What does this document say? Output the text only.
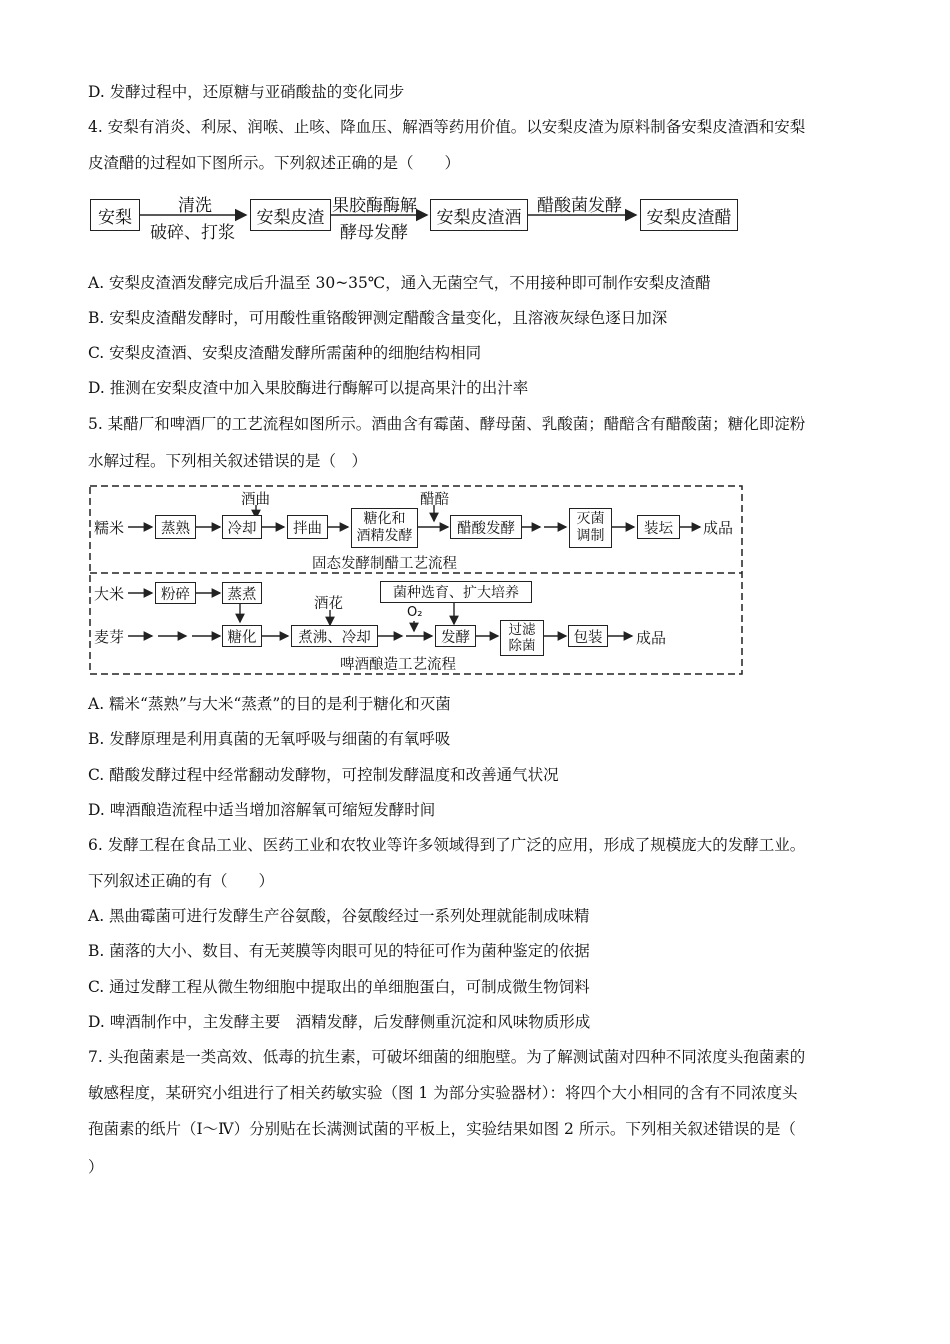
D. 发酵过程中，还原糖与亚硝酸盐的变化同步
4. 安梨有消炎、利尿、润喉、止咳、降血压、解酒等药用价值。以安梨皮渣为原料制备安梨皮渣酒和安梨
皮渣醋的过程如下图所示。下列叙述正确的是（　　）
安梨
清洗
破碎、打浆
安梨皮渣
果胶酶酶解
酵母发酵
安梨皮渣酒
醋酸菌发酵
安梨皮渣醋
A. 安梨皮渣酒发酵完成后升温至 30~35℃，通入无菌空气，不用接种即可制作安梨皮渣醋
B. 安梨皮渣醋发酵时，可用酸性重铬酸钾测定醋酸含量变化，且溶液灰绿色逐日加深
C. 安梨皮渣酒、安梨皮渣醋发酵所需菌种的细胞结构相同
D. 推测在安梨皮渣中加入果胶酶进行酶解可以提高果汁的出汁率
5. 某醋厂和啤酒厂的工艺流程如图所示。酒曲含有霉菌、酵母菌、乳酸菌；醋醅含有醋酸菌；糖化即淀粉
水解过程。下列相关叙述错误的是（　）
糯米	蒸熟	冷却
酒曲
拌曲
糖化和
酒精发酵
醋醅
醋酸发酵
灭菌
调制	装坛	成品
固态发酵制醋工艺流程
大米	粉碎	蒸煮
麦芽	糖化
酒花
煮沸、冷却
菌种选育、扩大培养
O₂
发酵	过滤
除菌
包装	成品
啤酒酿造工艺流程
A. 糯米“蒸熟”与大米“蒸煮”的目的是利于糖化和灭菌
B. 发酵原理是利用真菌的无氧呼吸与细菌的有氧呼吸
C. 醋酸发酵过程中经常翻动发酵物，可控制发酵温度和改善通气状况
D. 啤酒酿造流程中适当增加溶解氧可缩短发酵时间
6. 发酵工程在食品工业、医药工业和农牧业等许多领域得到了广泛的应用，形成了规模庞大的发酵工业。
下列叙述正确的有（　　）
A. 黑曲霉菌可进行发酵生产谷氨酸，谷氨酸经过一系列处理就能制成味精
B. 菌落的大小、数目、有无荚膜等肉眼可见的特征可作为菌种鉴定的依据
C. 通过发酵工程从微生物细胞中提取出的单细胞蛋白，可制成微生物饲料
D. 啤酒制作中，主发酵主要　酒精发酵，后发酵侧重沉淀和风味物质形成
7. 头孢菌素是一类高效、低毒的抗生素，可破坏细菌的细胞壁。为了解测试菌对四种不同浓度头孢菌素的
敏感程度，某研究小组进行了相关药敏实验（图 1 为部分实验器材）：将四个大小相同的含有不同浓度头
孢菌素的纸片（Ⅰ～Ⅳ）分别贴在长满测试菌的平板上，实验结果如图 2 所示。下列相关叙述错误的是（
）
